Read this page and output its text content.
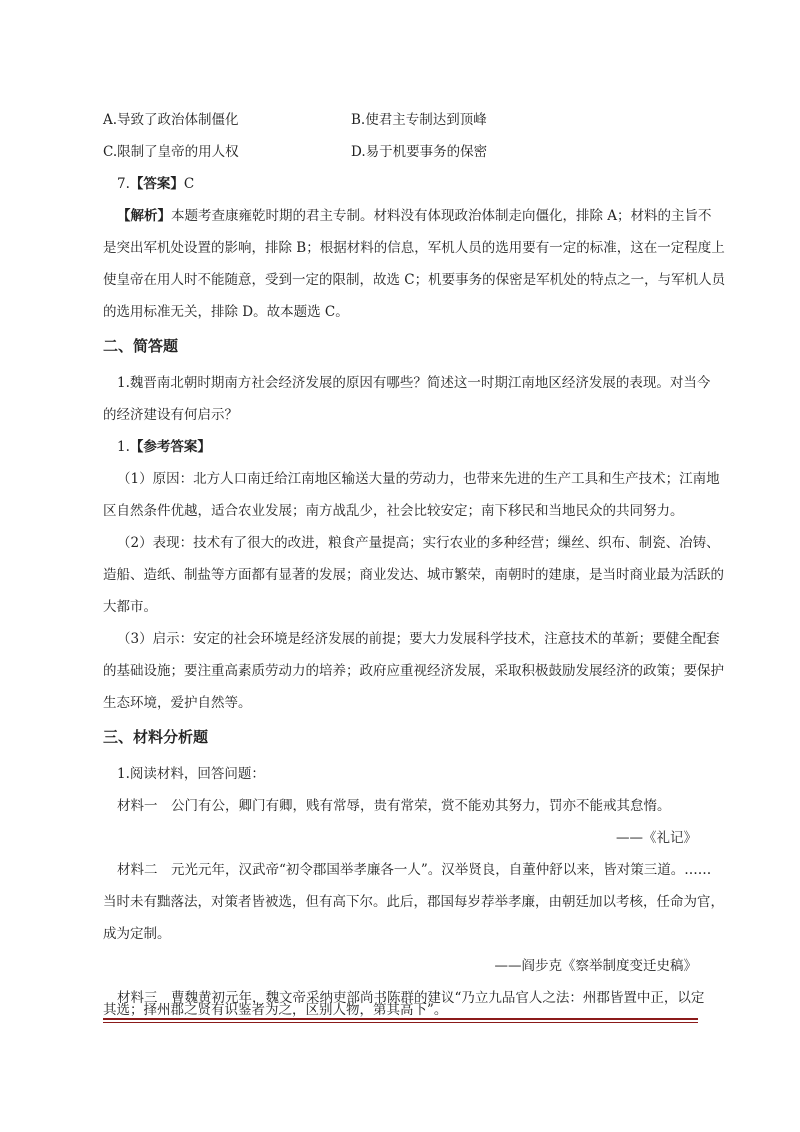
A.导致了政治体制僵化	B.使君主专制达到顶峰
C.限制了皇帝的用人权	D.易于机要事务的保密
7.【答案】C
【解析】本题考查康雍乾时期的君主专制。材料没有体现政治体制走向僵化，排除 A；材料的主旨不
是突出军机处设置的影响，排除 B；根据材料的信息，军机人员的选用要有一定的标准，这在一定程度上
使皇帝在用人时不能随意，受到一定的限制，故选 C；机要事务的保密是军机处的特点之一，与军机人员
的选用标准无关，排除 D。故本题选 C。
二、简答题
1.魏晋南北朝时期南方社会经济发展的原因有哪些？简述这一时期江南地区经济发展的表现。对当今
的经济建设有何启示？
1.【参考答案】
（1）原因：北方人口南迁给江南地区输送大量的劳动力，也带来先进的生产工具和生产技术；江南地
区自然条件优越，适合农业发展；南方战乱少，社会比较安定；南下移民和当地民众的共同努力。
（2）表现：技术有了很大的改进，粮食产量提高；实行农业的多种经营；缫丝、织布、制瓷、冶铸、
造船、造纸、制盐等方面都有显著的发展；商业发达、城市繁荣，南朝时的建康，是当时商业最为活跃的
大都市。
（3）启示：安定的社会环境是经济发展的前提；要大力发展科学技术，注意技术的革新；要健全配套
的基础设施；要注重高素质劳动力的培养；政府应重视经济发展，采取积极鼓励发展经济的政策；要保护
生态环境，爱护自然等。
三、材料分析题
1.阅读材料，回答问题：
材料一　公门有公，卿门有卿，贱有常辱，贵有常荣，赏不能劝其努力，罚亦不能戒其怠惰。
——《礼记》
材料二　元光元年，汉武帝“初令郡国举孝廉各一人”。汉举贤良，自董仲舒以来，皆对策三道。……
当时未有黜落法，对策者皆被选，但有高下尔。此后，郡国每岁荐举孝廉，由朝廷加以考核，任命为官，
成为定制。
——阎步克《察举制度变迁史稿》
材料三　曹魏黄初元年，魏文帝采纳吏部尚书陈群的建议“乃立九品官人之法：州郡皆置中正，以定
其选；择州郡之贤有识鉴者为之，区别人物，第其高下”。
